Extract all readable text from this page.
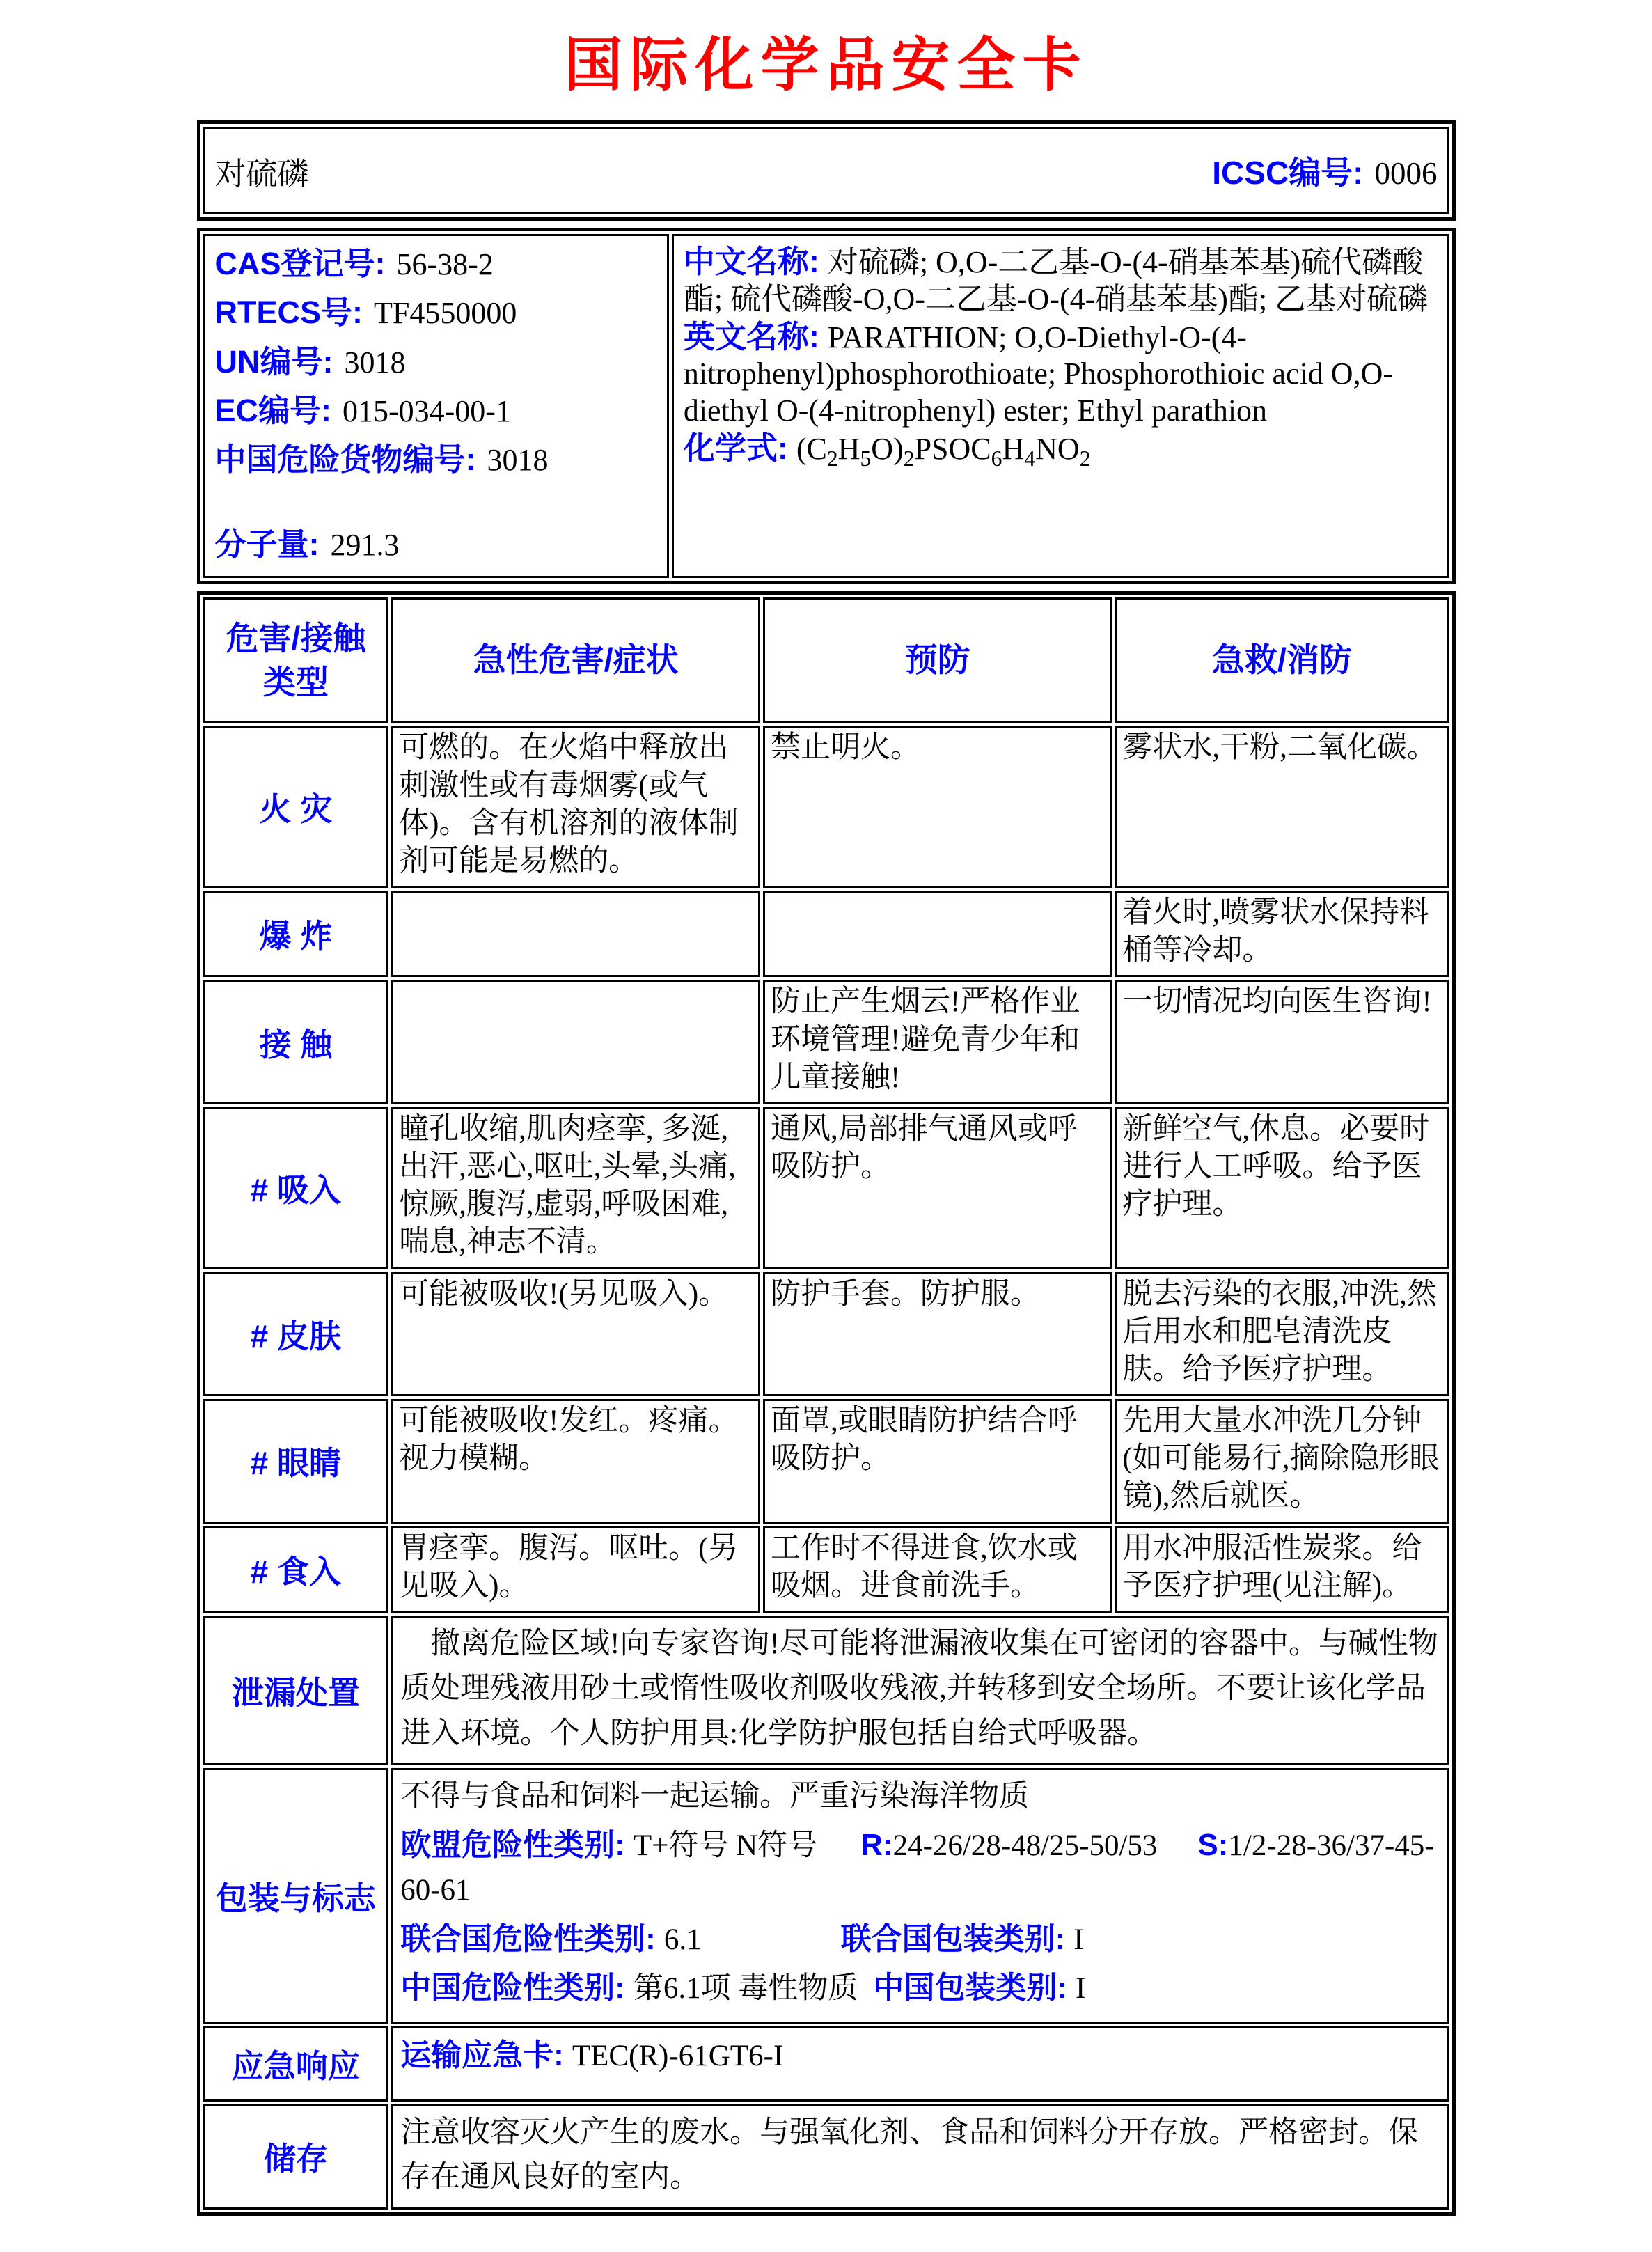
国际化学品安全卡
对硫磷	ICSC编号: 0006
CAS登记号: 56-38-2
RTECS号: TF4550000
UN编号: 3018
EC编号: 015-034-00-1
中国危险货物编号: 3018
分子量: 291.3

中文名称: 对硫磷; O,O-二乙基-O-(4-硝基苯基)硫代磷酸酯; 硫代磷酸-O,O-二乙基-O-(4-硝基苯基)酯; 乙基对硫磷

英文名称: PARATHION; O,O-Diethyl-O-(4-nitrophenyl)phosphorothioate; Phosphorothioic acid O,O-diethyl O-(4-nitrophenyl) ester; Ethyl parathion

化学式: $(C_2H_5O)_2PSOC_6H_4NO_2$

危害/接触
类型	急性危害/症状	预防	急救/消防
火 灾	可燃的。在火焰中释放出刺激性或有毒烟雾(或气体)。含有机溶剂的液体制剂可能是易燃的。	禁止明火。	雾状水,干粉,二氧化碳。
爆 炸			着火时,喷雾状水保持料桶等冷却。
接 触		防止产生烟云!严格作业环境管理!避免青少年和儿童接触!	一切情况均向医生咨询!
# 吸入	瞳孔收缩,肌肉痉挛, 多涎,出汗,恶心,呕吐,头晕,头痛,惊厥,腹泻,虚弱,呼吸困难,喘息,神志不清。	通风,局部排气通风或呼吸防护。	新鲜空气,休息。必要时进行人工呼吸。给予医疗护理。
# 皮肤	可能被吸收!(另见吸入)。	防护手套。防护服。	脱去污染的衣服,冲洗,然后用水和肥皂清洗皮肤。给予医疗护理。
# 眼睛	可能被吸收!发红。疼痛。视力模糊。	面罩,或眼睛防护结合呼吸防护。	先用大量水冲洗几分钟(如可能易行,摘除隐形眼镜),然后就医。
# 食入	胃痉挛。腹泻。呕吐。(另见吸入)。	工作时不得进食,饮水或吸烟。进食前洗手。	用水冲服活性炭浆。给予医疗护理(见注解)。
泄漏处置	　撤离危险区域!向专家咨询!尽可能将泄漏液收集在可密闭的容器中。与碱性物质处理残液用砂土或惰性吸收剂吸收残液,并转移到安全场所。不要让该化学品进入环境。个人防护用具:化学防护服包括自给式呼吸器。		
包装与标志	不得与食品和饲料一起运输。严重污染海洋物质

欧盟危险性类别: T+符号 N符号 R:24-26/28-48/25-50/53 S:1/2-28-36/37-45-60-61

联合国危险性类别: 6.1 联合国包装类别: I

中国危险性类别: 第6.1项 毒性物质 中国包装类别: I		

应急响应	运输应急卡: TEC(R)-61GT6-I		

储存	注意收容灭火产生的废水。与强氧化剂、食品和饲料分开存放。严格密封。保存在通风良好的室内。		
